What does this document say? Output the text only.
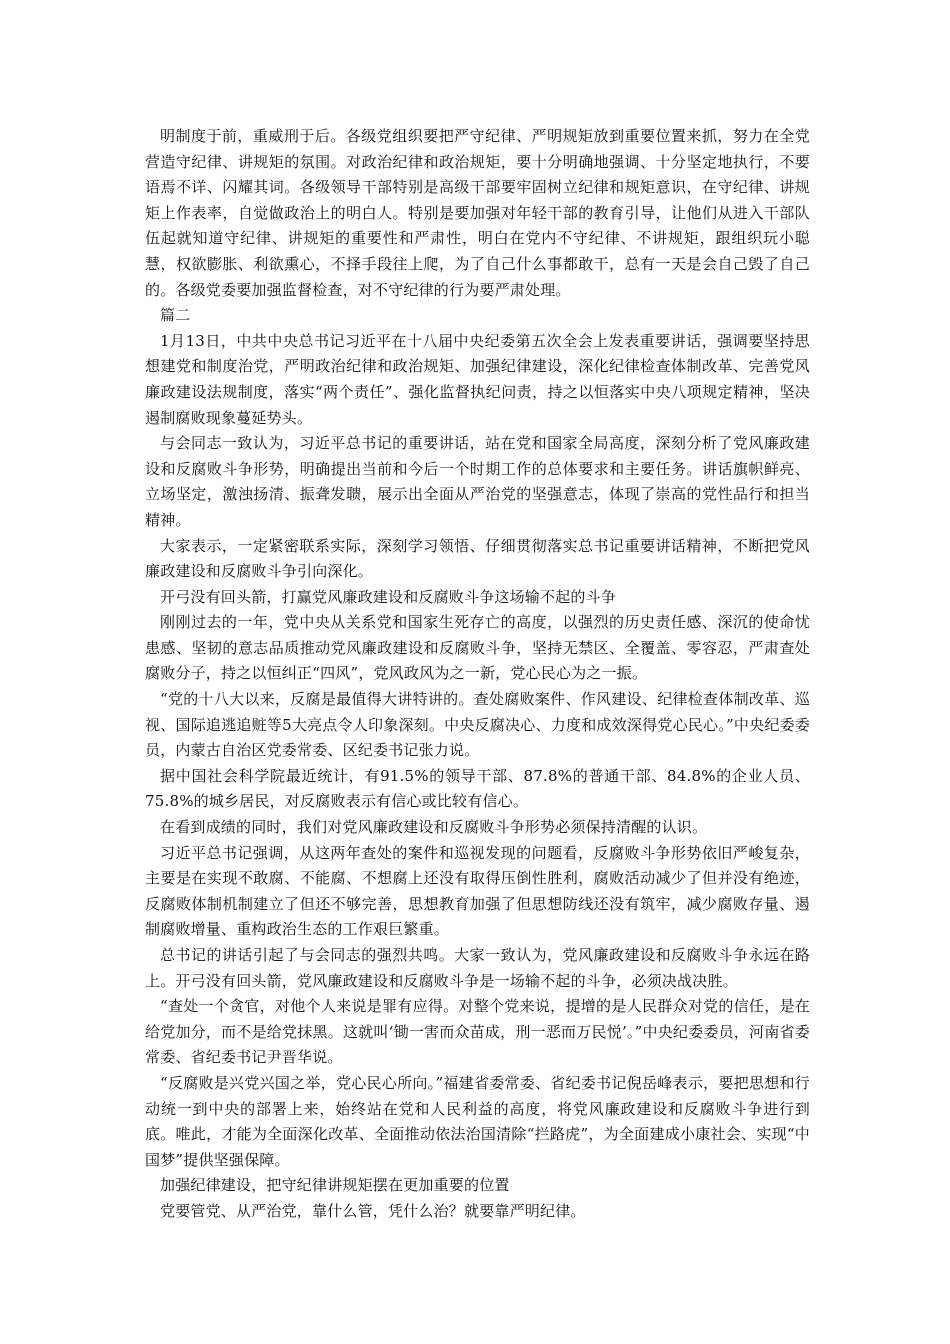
明制度于前，重威刑于后。各级党组织要把严守纪律、严明规矩放到重要位置来抓，努力在全党营造守纪律、讲规矩的氛围。对政治纪律和政治规矩，要十分明确地强调、十分坚定地执行，不要语焉不详、闪耀其词。各级领导干部特别是高级干部要牢固树立纪律和规矩意识，在守纪律、讲规矩上作表率，自觉做政治上的明白人。特别是要加强对年轻干部的教育引导，让他们从进入干部队伍起就知道守纪律、讲规矩的重要性和严肃性，明白在党内不守纪律、不讲规矩，跟组织玩小聪慧，权欲膨胀、利欲熏心，不择手段往上爬，为了自己什么事都敢干，总有一天是会自己毁了自己的。各级党委要加强监督检查，对不守纪律的行为要严肃处理。

篇二

1月13日，中共中央总书记习近平在十八届中央纪委第五次全会上发表重要讲话，强调要坚持思想建党和制度治党，严明政治纪律和政治规矩、加强纪律建设，深化纪律检查体制改革、完善党风廉政建设法规制度，落实“两个责任”、强化监督执纪问责，持之以恒落实中央八项规定精神，坚决遏制腐败现象蔓延势头。

与会同志一致认为，习近平总书记的重要讲话，站在党和国家全局高度，深刻分析了党风廉政建设和反腐败斗争形势，明确提出当前和今后一个时期工作的总体要求和主要任务。讲话旗帜鲜亮、立场坚定，激浊扬清、振聋发聩，展示出全面从严治党的坚强意志，体现了崇高的党性品行和担当精神。

大家表示，一定紧密联系实际，深刻学习领悟、仔细贯彻落实总书记重要讲话精神，不断把党风廉政建设和反腐败斗争引向深化。

开弓没有回头箭，打赢党风廉政建设和反腐败斗争这场输不起的斗争

刚刚过去的一年，党中央从关系党和国家生死存亡的高度，以强烈的历史责任感、深沉的使命忧患感、坚韧的意志品质推动党风廉政建设和反腐败斗争，坚持无禁区、全覆盖、零容忍，严肃查处腐败分子，持之以恒纠正“四风”，党风政风为之一新，党心民心为之一振。

“党的十八大以来，反腐是最值得大讲特讲的。查处腐败案件、作风建设、纪律检查体制改革、巡视、国际追逃追赃等5大亮点令人印象深刻。中央反腐决心、力度和成效深得党心民心。”中央纪委委员，内蒙古自治区党委常委、区纪委书记张力说。

据中国社会科学院最近统计，有91.5%的领导干部、87.8%的普通干部、84.8%的企业人员、75.8%的城乡居民，对反腐败表示有信心或比较有信心。

在看到成绩的同时，我们对党风廉政建设和反腐败斗争形势必须保持清醒的认识。

习近平总书记强调，从这两年查处的案件和巡视发现的问题看，反腐败斗争形势依旧严峻复杂，主要是在实现不敢腐、不能腐、不想腐上还没有取得压倒性胜利，腐败活动减少了但并没有绝迹，反腐败体制机制建立了但还不够完善，思想教育加强了但思想防线还没有筑牢，减少腐败存量、遏制腐败增量、重构政治生态的工作艰巨繁重。

总书记的讲话引起了与会同志的强烈共鸣。大家一致认为，党风廉政建设和反腐败斗争永远在路上。开弓没有回头箭，党风廉政建设和反腐败斗争是一场输不起的斗争，必须决战决胜。

“查处一个贪官，对他个人来说是罪有应得。对整个党来说，提增的是人民群众对党的信任，是在给党加分，而不是给党抹黑。这就叫‘锄一害而众苗成，刑一恶而万民悦’。”中央纪委委员，河南省委常委、省纪委书记尹晋华说。

“反腐败是兴党兴国之举，党心民心所向。”福建省委常委、省纪委书记倪岳峰表示，要把思想和行动统一到中央的部署上来，始终站在党和人民利益的高度，将党风廉政建设和反腐败斗争进行到底。唯此，才能为全面深化改革、全面推动依法治国清除“拦路虎”，为全面建成小康社会、实现“中国梦”提供坚强保障。

加强纪律建设，把守纪律讲规矩摆在更加重要的位置

党要管党、从严治党，靠什么管，凭什么治？就要靠严明纪律。
